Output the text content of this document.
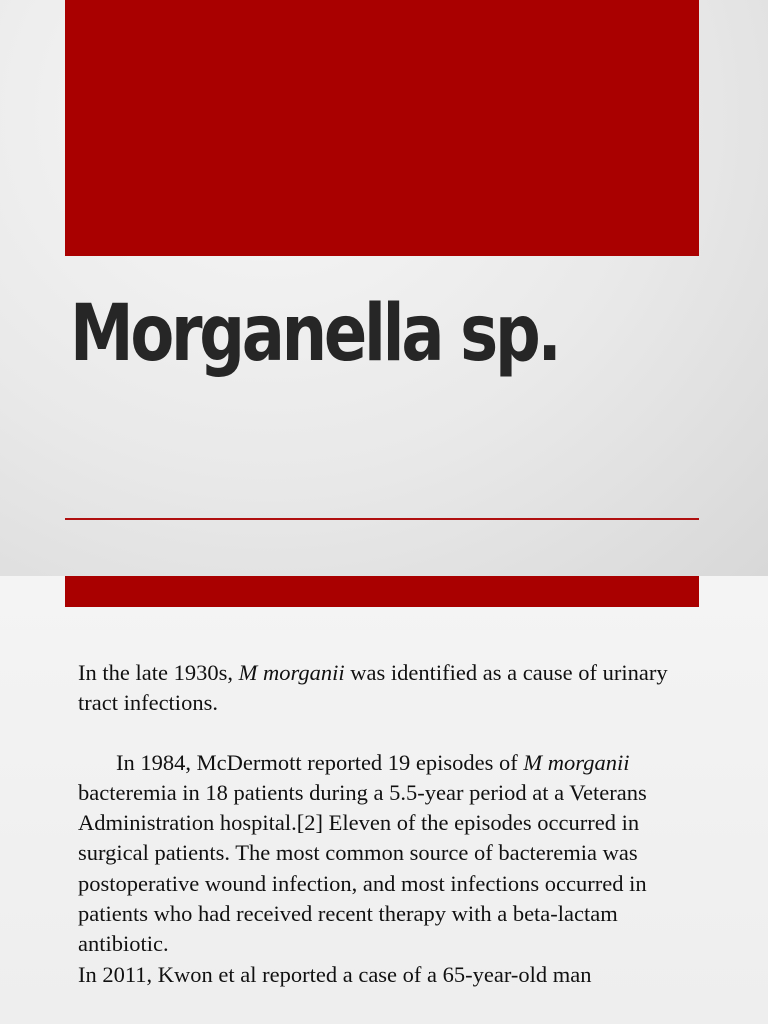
Morganella sp.

In the late 1930s, M morganii was identified as a cause of urinary tract infections.

In 1984, McDermott reported 19 episodes of M morganii bacteremia in 18 patients during a 5.5-year period at a Veterans Administration hospital.[2] Eleven of the episodes occurred in surgical patients. The most common source of bacteremia was postoperative wound infection, and most infections occurred in patients who had received recent therapy with a beta-lactam antibiotic.

In 2011, Kwon et al reported a case of a 65-year-old man
